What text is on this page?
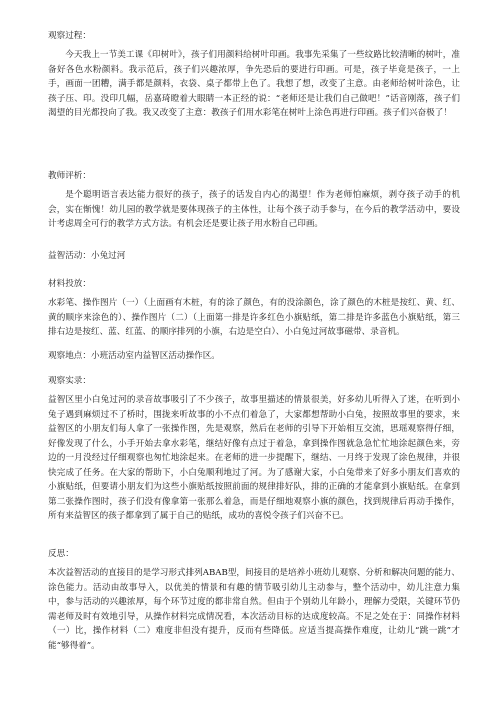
观察过程：

今天我上一节美工课《印树叶》，孩子们用颜料给树叶印画。我事先采集了一些纹路比较清晰的树叶，准备好各色水粉颜料。我示范后，孩子们兴趣浓厚，争先恐后的要进行印画。可是，孩子毕竟是孩子，一上手，画面一团糟，满手都是颜料，衣袋、桌子都带上色了。我想了想，改变了主意。由老师给树叶涂色，让孩子压、印。没印几幅，岳嘉琦瞪着大眼睛一本正经的说：“老师还是让我们自己做吧！”话音刚落，孩子们渴望的目光都投向了我。我又改变了主意：教孩子们用水彩笔在树叶上涂色再进行印画。孩子们兴奋极了！

教师评析：

是个聪明语言表达能力很好的孩子，孩子的话发自内心的渴望！作为老师怕麻烦，剥夺孩子动手的机会，实在惭愧！幼儿园的教学就是要体现孩子的主体性，让每个孩子动手参与，在今后的教学活动中，要设计考虑周全可行的教学方式方法。有机会还是要让孩子用水粉自己印画。

益智活动：小兔过河

材料投放：

水彩笔、操作图片（一）（上面画有木桩，有的涂了颜色，有的没涂颜色，涂了颜色的木桩是按红、黄、红、黄的顺序来涂色的）、操作图片（二）（上面第一排是许多红色小旗贴纸，第二排是许多蓝色小旗贴纸，第三排右边是按红、蓝、红蓝、的顺序排列的小旗，右边是空白）、小白兔过河故事磁带、录音机。

观察地点：小班活动室内益智区活动操作区。

观察实录：

益智区里小白兔过河的录音故事吸引了不少孩子，故事里描述的情景很美，好多幼儿听得入了迷，在听到小兔子遇到麻烦过不了桥时，围拢来听故事的小不点们着急了，大家都想帮助小白兔，按照故事里的要求，来益智区的小朋友们每人拿了一张操作图，先是观察，然后在老师的引导下开始相互交流，思瑶观察得仔细，好像发现了什么，小手开始去拿水彩笔，继结好像有点过于着急，拿到操作图就急急忙忙地涂起颜色来，旁边的一月没经过仔细观察也匆忙地涂起来。在老师的进一步提醒下，继结、一月终于发现了涂色规律，并很快完成了任务。在大家的帮助下，小白兔顺利地过了河。为了感谢大家，小白兔带来了好多小朋友们喜欢的小旗贴纸，但要请小朋友们为这些小旗贴纸按照前面的规律排好队，排的正确的才能拿到小旗贴纸。在拿到第二张操作图时，孩子们没有像拿第一张那么着急，而是仔细地观察小旗的颜色，找到规律后再动手操作，所有来益智区的孩子都拿到了属于自己的贴纸，成功的喜悦令孩子们兴奋不已。

反思：

本次益智活动的直接目的是学习形式排列ABAB型，间接目的是培养小班幼儿观察、分析和解决问题的能力、涂色能力。活动由故事导入，以优美的情景和有趣的情节吸引幼儿主动参与，整个活动中，幼儿注意力集中，参与活动的兴趣浓厚，每个环节过度的都非常自然。但由于个别幼儿年龄小，理解力受限，关键环节仍需老师及时有效地引导，从操作材料完成情况看，本次活动目标的达成度较高。不足之处在于：同操作材料（一）比，操作材料（二）难度非但没有提升，反而有些降低。应适当提高操作难度，让幼儿“跳一跳”才能“够得着”。
